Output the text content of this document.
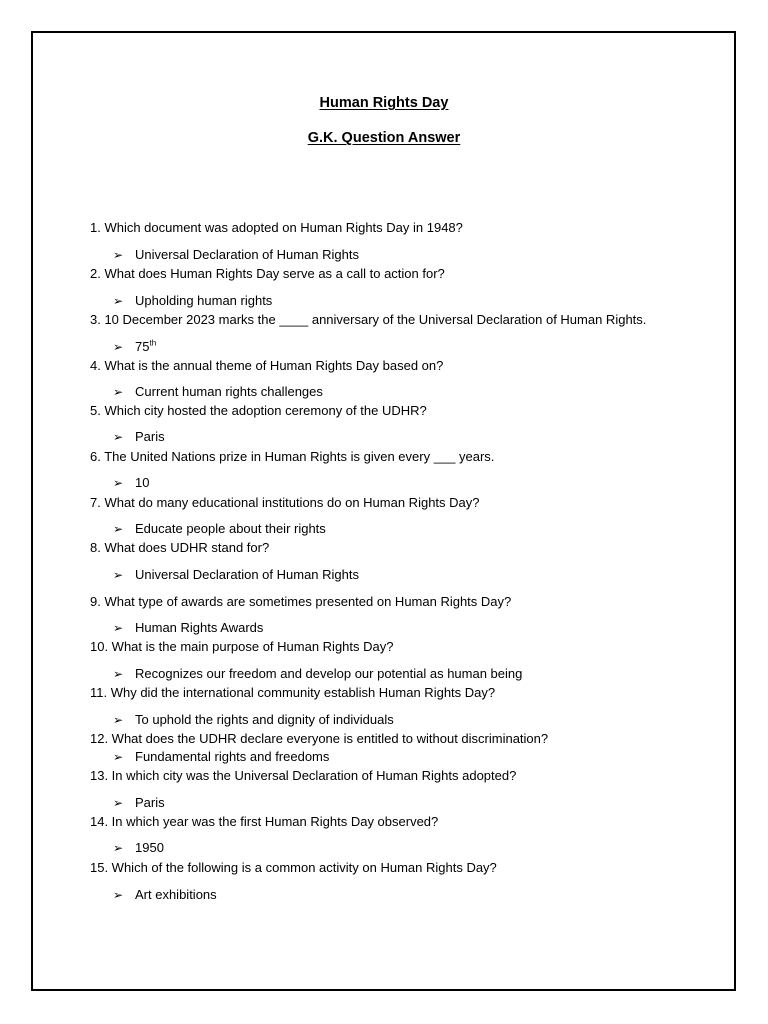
Human Rights Day
G.K. Question Answer

1. Which document was adopted on Human Rights Day in 1948?

➢ Universal Declaration of Human Rights

2. What does Human Rights Day serve as a call to action for?

➢ Upholding human rights

3. 10 December 2023 marks the ____ anniversary of the Universal Declaration of Human Rights.

➢ 75th

4. What is the annual theme of Human Rights Day based on?

➢ Current human rights challenges

5. Which city hosted the adoption ceremony of the UDHR?

➢ Paris

6. The United Nations prize in Human Rights is given every ___ years.

➢ 10

7. What do many educational institutions do on Human Rights Day?

➢ Educate people about their rights

8. What does UDHR stand for?

➢ Universal Declaration of Human Rights

9. What type of awards are sometimes presented on Human Rights Day?

➢ Human Rights Awards

10. What is the main purpose of Human Rights Day?

➢ Recognizes our freedom and develop our potential as human being

11. Why did the international community establish Human Rights Day?

➢ To uphold the rights and dignity of individuals

12. What does the UDHR declare everyone is entitled to without discrimination?

➢ Fundamental rights and freedoms

13. In which city was the Universal Declaration of Human Rights adopted?

➢ Paris

14. In which year was the first Human Rights Day observed?

➢ 1950

15. Which of the following is a common activity on Human Rights Day?

➢ Art exhibitions
